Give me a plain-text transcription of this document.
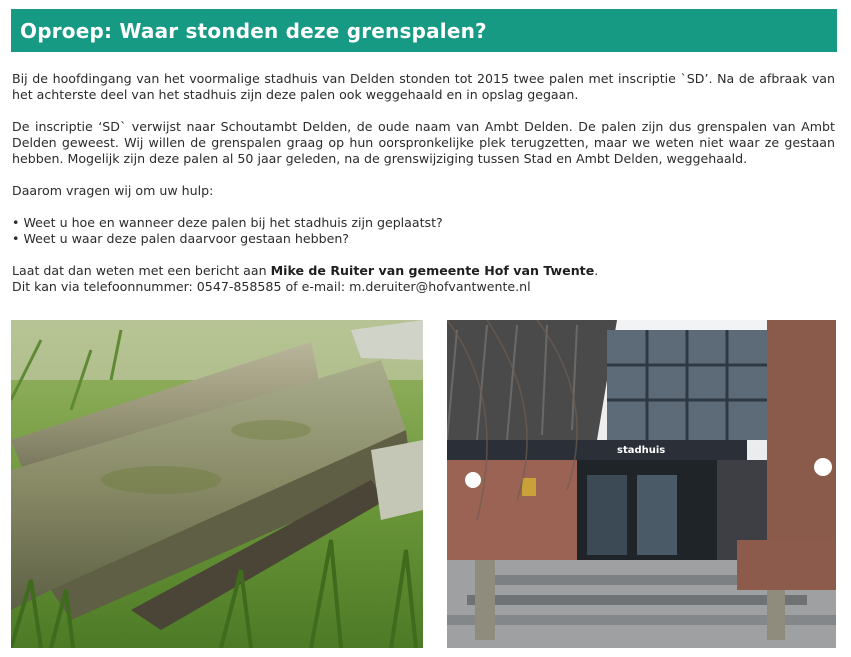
Oproep: Waar stonden deze grenspalen?

Bij de hoofdingang van het voormalige stadhuis van Delden stonden tot 2015 twee palen met inscriptie `SD’. Na de afbraak van het achterste deel van het stadhuis zijn deze palen ook weggehaald en in opslag gegaan.

De inscriptie ‘SD` verwijst naar Schoutambt Delden, de oude naam van Ambt Delden. De palen zijn dus grenspalen van Ambt Delden geweest. Wij willen de grenspalen graag op hun oorspronkelijke plek terugzetten, maar we weten niet waar ze gestaan hebben. Mogelijk zijn deze palen al 50 jaar geleden, na de grenswijziging tussen Stad en Ambt Delden, weggehaald.

Daarom vragen wij om uw hulp:

• Weet u hoe en wanneer deze palen bij het stadhuis zijn geplaatst?
• Weet u waar deze palen daarvoor gestaan hebben?

Laat dat dan weten met een bericht aan Mike de Ruiter van gemeente Hof van Twente.
Dit kan via telefoonnummer: 0547-858585 of e-mail: m.deruiter@hofvantwente.nl

stadhuis
